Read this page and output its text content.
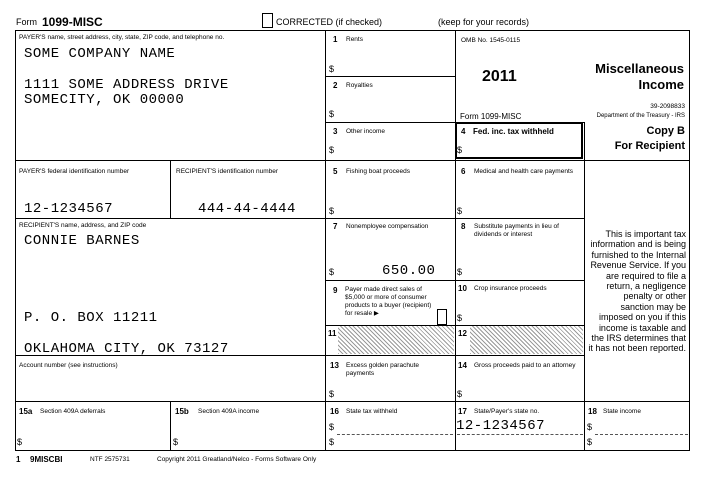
Form 1099-MISC	CORRECTED (if checked)	(keep for your records)
PAYER'S name, street address, city, state, ZIP code, and telephone no.
SOME COMPANY NAME
1111 SOME ADDRESS DRIVE
SOMECITY, OK 00000
PAYER'S federal identification number
12-1234567
RECIPIENT'S identification number
444-44-4444
RECIPIENT'S name, address, and ZIP code
CONNIE BARNES
P. O. BOX 11211
OKLAHOMA CITY, OK 73127
Account number (see instructions)
1 Rents
$
2 Royalties
$
3 Other income
$
5 Fishing boat proceeds
$
7 Nonemployee compensation
$	650.00
9 Payer made direct sales of $5,000 or more of consumer products to a buyer (recipient) for resale ▶
11
13 Excess golden parachute payments
$
16 State tax withheld
$
$
OMB No. 1545-0115
2011
Form 1099-MISC
4 Fed. inc. tax withheld
$
6 Medical and health care payments
$
8 Substitute payments in lieu of dividends or interest
$
10 Crop insurance proceeds
$
12
14 Gross proceeds paid to an attorney
$
17 State/Payer's state no.
12-1234567
Miscellaneous
Income
39-2098833
Department of the Treasury - IRS
Copy B
For Recipient
This is important tax information and is being furnished to the Internal Revenue Service. If you are required to file a return, a negligence penalty or other sanction may be imposed on you if this income is taxable and the IRS determines that it has not been reported.
18 State income
$
$
15a Section 409A deferrals
$
15b Section 409A income
$
1 9MISCBI	NTF 2575731	Copyright 2011 Greatland/Nelco - Forms Software Only
